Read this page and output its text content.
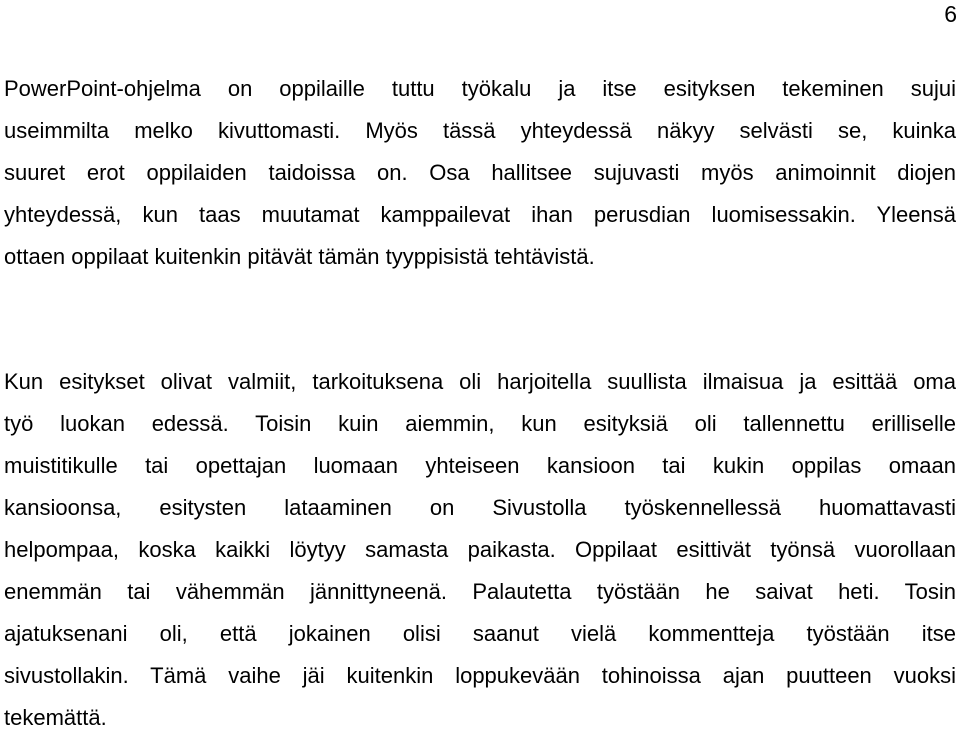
6

PowerPoint-ohjelma on oppilaille tuttu työkalu ja itse esityksen tekeminen sujui
useimmilta melko kivuttomasti. Myös tässä yhteydessä näkyy selvästi se, kuinka
suuret erot oppilaiden taidoissa on. Osa hallitsee sujuvasti myös animoinnit diojen
yhteydessä, kun taas muutamat kamppailevat ihan perusdian luomisessakin. Yleensä
ottaen oppilaat kuitenkin pitävät tämän tyyppisistä tehtävistä.

Kun esitykset olivat valmiit, tarkoituksena oli harjoitella suullista ilmaisua ja esittää oma
työ luokan edessä. Toisin kuin aiemmin, kun esityksiä oli tallennettu erilliselle
muistitikulle tai opettajan luomaan yhteiseen kansioon tai kukin oppilas omaan
kansioonsa, esitysten lataaminen on Sivustolla työskennellessä huomattavasti
helpompaa, koska kaikki löytyy samasta paikasta. Oppilaat esittivät työnsä vuorollaan
enemmän tai vähemmän jännittyneenä. Palautetta työstään he saivat heti. Tosin
ajatuksenani oli, että jokainen olisi saanut vielä kommentteja työstään itse
sivustollakin. Tämä vaihe jäi kuitenkin loppukevään tohinoissa ajan puutteen vuoksi
tekemättä.
